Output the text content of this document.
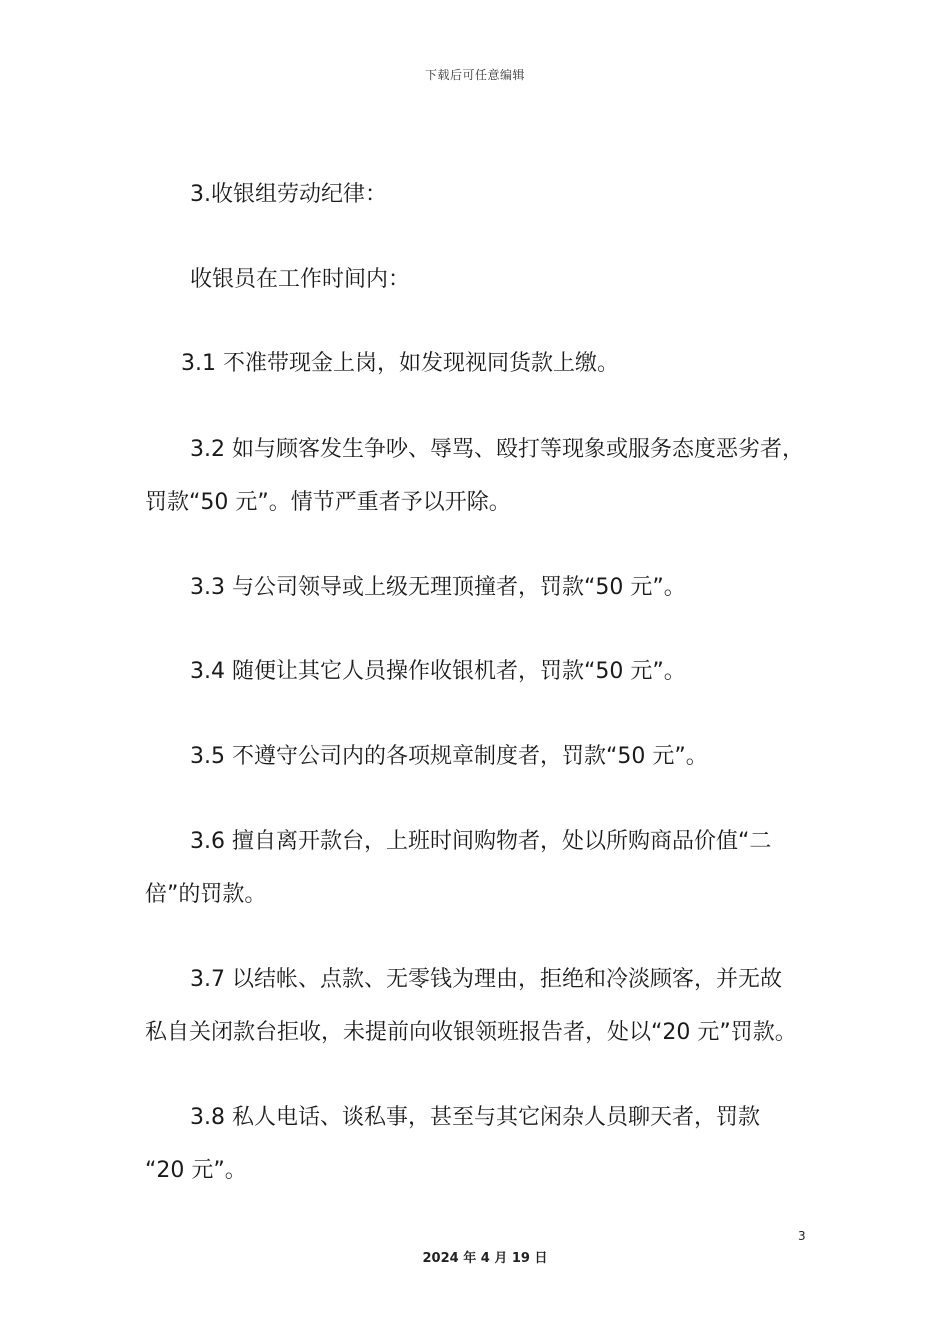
下载后可任意编辑
3.收银组劳动纪律：
收银员在工作时间内：
3.1 不准带现金上岗，如发现视同货款上缴。
3.2 如与顾客发生争吵、辱骂、殴打等现象或服务态度恶劣者，
罚款“50 元”。情节严重者予以开除。
3.3 与公司领导或上级无理顶撞者，罚款“50 元”。
3.4 随便让其它人员操作收银机者，罚款“50 元”。
3.5 不遵守公司内的各项规章制度者，罚款“50 元”。
3.6 擅自离开款台，上班时间购物者，处以所购商品价值“二
倍”的罚款。
3.7 以结帐、点款、无零钱为理由，拒绝和冷淡顾客，并无故
私自关闭款台拒收，未提前向收银领班报告者，处以“20 元”罚款。
3.8 私人电话、谈私事，甚至与其它闲杂人员聊天者，罚款
“20 元”。
3
2024 年 4 月 19 日
